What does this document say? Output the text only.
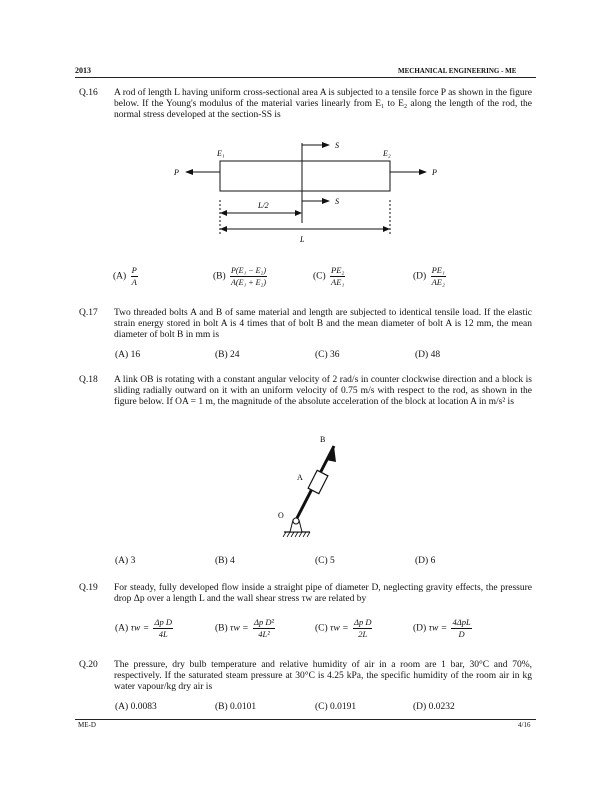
2013	MECHANICAL ENGINEERING - ME
Q.16 A rod of length L having uniform cross-sectional area A is subjected to a tensile force P as shown in the figure below. If the Young's modulus of the material varies linearly from E₁ to E₂ along the length of the rod, the normal stress developed at the section-SS is
E₁	E₂
P	P
S
S
L/2
L
$(A) \frac{P}{A}$	$(B) \frac{\text{P(E₁ − E₂)}}{\text{A(E₁ + E₂)}}$	$(C) \frac{\text{PE₂}}{\text{AE₁}}$	$(D) \frac{\text{PE₁}}{\text{AE₂}}$
Q.17 Two threaded bolts A and B of same material and length are subjected to identical tensile load. If the elastic strain energy stored in bolt A is 4 times that of bolt B and the mean diameter of bolt A is 12 mm, the mean diameter of bolt B in mm is
(A) 16	(B) 24	(C) 36	(D) 48
Q.18 A link OB is rotating with a constant angular velocity of 2 rad/s in counter clockwise direction and a block is sliding radially outward on it with an uniform velocity of 0.75 m/s with respect to the rod, as shown in the figure below. If OA = 1 m, the magnitude of the absolute acceleration of the block at location A in m/s² is
B
A
O
(A) 3	(B) 4	(C) 5	(D) 6
Q.19 For steady, fully developed flow inside a straight pipe of diameter D, neglecting gravity effects, the pressure drop Δp over a length L and the wall shear stress τw are related by
(A) $\tau w = \frac{\text{Δp D}}{4L}$	(B) $\tau w = \frac{\text{Δp D²}}{\text{4L²}}$	(C) $\tau w = \frac{\text{Δp D}}{2L}$	(D) $\tau w = \frac{\text{4ΔpL}}{D}$
Q.20 The pressure, dry bulb temperature and relative humidity of air in a room are 1 bar, 30°C and 70%, respectively. If the saturated steam pressure at 30°C is 4.25 kPa, the specific humidity of the room air in kg water vapour/kg dry air is
(A) 0.0083	(B) 0.0101	(C) 0.0191	(D) 0.0232
ME-D	4/16
